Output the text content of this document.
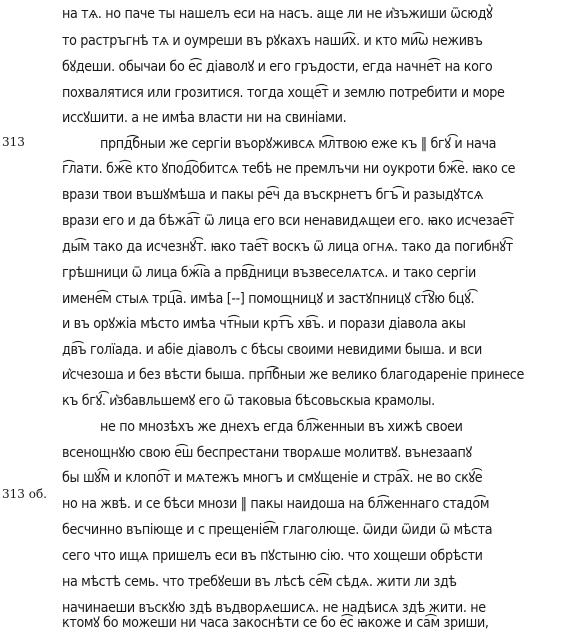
313
313 об.
на тѧ. но паче ты нашелъ еси на насъ. аще ли не и͛зъжиши ѿсюдꙋ͛
то растръгнѣ тѧ и оумреши въ рꙋкахъ наши͡х. и кто ми͡ѡ неживъ
бꙋдеши. обычаи бо е͡с діаволꙋ и его гръдости, егда начне͡т на кого
похвалятися или грозитися. тогда хоще͡т и землю потребити и море
иссꙋшити. а не имѣа власти ни на свиніами.
прпд͡бныи же сергіи въорꙋживсѧ м͡лтвою еже къ ‖ бгꙋ͡ и нача
г͡лати. бж͡е кто ꙋпод͡обитсѧ тебѣ не премлъчи ни оукроти бж͡е. ꙗко се
врази твои въшꙋмѣша и пакы ре͡ч да въскрнетъ бгъ͡ и разыдꙋтсѧ
врази его и да бѣжа͡т ѿ лица его вси ненавидѧщеи его. ꙗко исчезае͡т
ды͡м тако да исчезнꙋ͡т. ꙗко тае͡т воскъ ѿ лица огнѧ. тако да погибнꙋ͡т
грѣшници ѿ лица бж͡ıа а прв͡дници възвеселѧтсѧ. и тако сергіи
имене͡м стыѧ трц͡а. имѣа [--] помощницꙋ и застꙋпницꙋ ст͡ꙋю бцꙋ͡.
и въ орꙋжіа мѣсто имѣа чт͡ныи крт͡ъ хв͡ъ. и порази діавола акы
дв͡ъ голїада. и абіе діаволъ с бѣсы своими невидими быша. и вси
и͛счезоша и без вѣсти быша. прп͡бныи же велико благодареніе принесе
къ бгꙋ͡. и͛збавльшемꙋ его ѿ таковыа бѣсовьскыа крамолы.
не по мнозѣхъ же днехъ егда бл͡женныи въ хижѣ своеи
всенощнꙋю свою е͡ш беспрестани творѧше молитвꙋ. вънезаапꙋ
бы шꙋ͡м и клопо͡т и мѧтежъ многъ и смꙋщеніе и стра͡х. не во скꙋ͡е
но на жвѣ. и се бѣси мнози ‖ пакы наидоша на бл͡женнаго стадо͡м
бесчинно въпіюще и с прещеніе͡м глаголюще. ѿиди ѿиди ѿ мѣста
сего что ищѧ пришелъ еси въ пꙋстыню сію. что хощеши обрѣсти
на мѣстѣ семь. что требꙋеши въ лѣсѣ се͡м сѣдѧ. жити ли здѣ
начинаеши въскꙋю здѣ въдворѧешисѧ. не надѣисѧ здѣ жити. не
ктомꙋ бо можеши ни часа закоснѣти се бо е͡с ꙗкоже и са͡м зриши,
